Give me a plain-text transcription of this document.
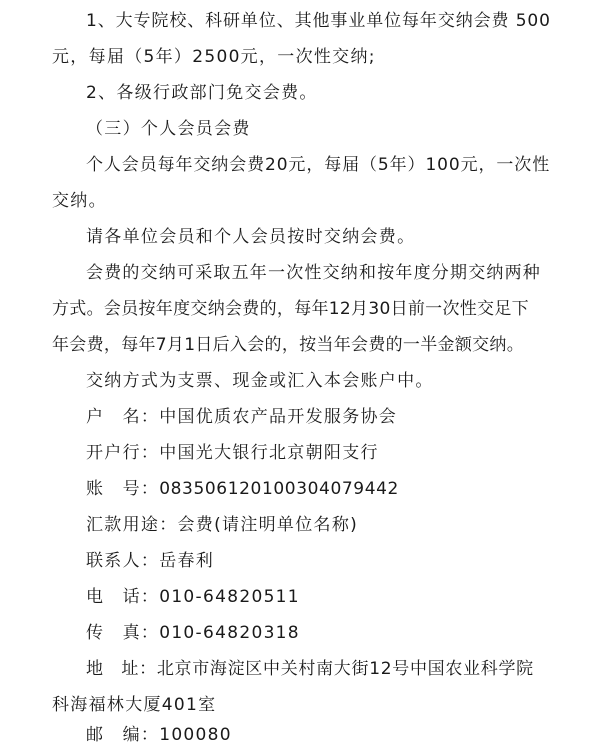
1、大专院校、科研单位、其他事业单位每年交纳会费 500

元，每届（5年）2500元，一次性交纳;

2、各级行政部门免交会费。

（三）个人会员会费

个人会员每年交纳会费20元，每届（5年）100元，一次性

交纳。

请各单位会员和个人会员按时交纳会费。

会费的交纳可采取五年一次性交纳和按年度分期交纳两种

方式。会员按年度交纳会费的，每年12月30日前一次性交足下

年会费，每年7月1日后入会的，按当年会费的一半金额交纳。

交纳方式为支票、现金或汇入本会账户中。

户　名：中国优质农产品开发服务协会

开户行：中国光大银行北京朝阳支行

账　号：083506120100304079442

汇款用途：会费(请注明单位名称)

联系人：岳春利

电　话：010-64820511

传　真：010-64820318

地　址：北京市海淀区中关村南大街12号中国农业科学院

科海福林大厦401室

邮　编：100080
